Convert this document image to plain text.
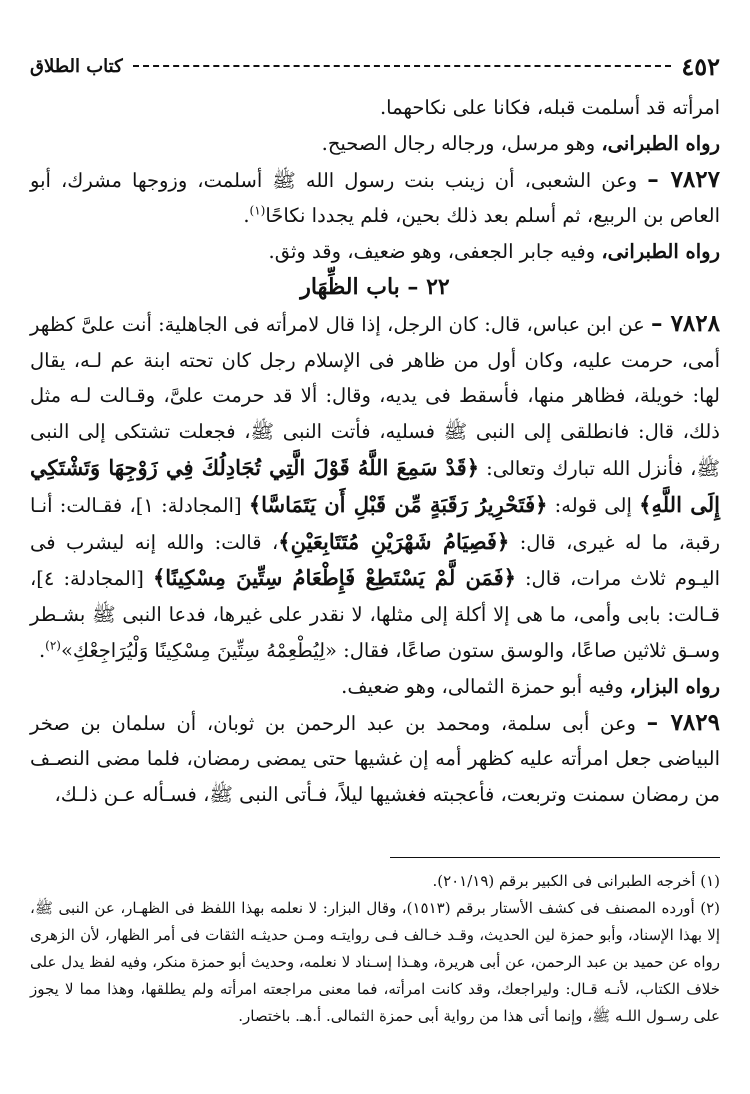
كتاب الطلاق	٤٥٢

امرأته قد أسلمت قبله، فكانا على نكاحهما.

رواه الطبرانى، وهو مرسل، ورجاله رجال الصحيح.

٧٨٢٧ – وعن الشعبى، أن زينب بنت رسول الله ﷺ أسلمت، وزوجها مشرك، أبو العاص بن الربيع، ثم أسلم بعد ذلك بحين، فلم يجددا نكاحًا$^{(١)}$.

رواه الطبرانى، وفيه جابر الجعفى، وهو ضعيف، وقد وثق.

٢٢ – باب الظِّهَار

٧٨٢٨ – عن ابن عباس، قال: كان الرجل، إذا قال لامرأته فى الجاهلية: أنت علىَّ كظهر أمى، حرمت عليه، وكان أول من ظاهر فى الإسلام رجل كان تحته ابنة عم لـه، يقال لها: خويلة، فظاهر منها، فأسقط فى يديه، وقال: ألا قد حرمت علىَّ، وقـالت لـه مثل ذلك، قال: فانطلقى إلى النبى ﷺ فسليه، فأتت النبى ﷺ، فجعلت تشتكى إلى النبى ﷺ، فأنزل الله تبارك وتعالى: ﴿قَدْ سَمِعَ اللَّهُ قَوْلَ الَّتِي تُجَادِلُكَ فِي زَوْجِهَا وَتَشْتَكِي إِلَى اللَّهِ﴾ إلى قوله: ﴿فَتَحْرِيرُ رَقَبَةٍ مِّن قَبْلِ أَن يَتَمَاسَّا﴾ [المجادلة: ١]، فقـالت: أنـا رقبة، ما له غيرى، قال: ﴿فَصِيَامُ شَهْرَيْنِ مُتَتَابِعَيْنِ﴾، قالت: والله إنه ليشرب فى اليـوم ثلاث مرات، قال: ﴿فَمَن لَّمْ يَسْتَطِعْ فَإِطْعَامُ سِتِّينَ مِسْكِينًا﴾ [المجادلة: ٤]، قـالت: بابى وأمى، ما هى إلا أكلة إلى مثلها، لا نقدر على غيرها، فدعا النبى ﷺ بشـطر وسـق ثلاثين صاعًا، والوسق ستون صاعًا، فقال: «لِيُطْعِمْهُ سِتِّينَ مِسْكِينًا وَلْيُرَاجِعْكِ»$^{(٢)}$.

رواه البزار، وفيه أبو حمزة الثمالى، وهو ضعيف.

٧٨٢٩ – وعن أبى سلمة، ومحمد بن عبد الرحمن بن ثوبان، أن سلمان بن صخر البياضى جعل امرأته عليه كظهر أمه إن غشيها حتى يمضى رمضان، فلما مضى النصـف من رمضان سمنت وتربعت، فأعجبته فغشيها ليلاً، فـأتى النبى ﷺ، فسـأله عـن ذلـك،

(١) أخرجه الطبرانى فى الكبير برقم (٢٠١/١٩).

(٢) أورده المصنف فى كشف الأستار برقم (١٥١٣)، وقال البزار: لا نعلمه بهذا اللفظ فى الظهـار، عن النبى ﷺ، إلا بهذا الإسناد، وأبو حمزة لين الحديث، وقـد خـالف فـى روايتـه ومـن حديثـه الثقات فى أمر الظهار، لأن الزهرى رواه عن حميد بن عبد الرحمن، عن أبى هريرة، وهـذا إسـناد لا نعلمه، وحديث أبو حمزة منكر، وفيه لفظ يدل على خلاف الكتاب، لأنـه قـال: وليراجعك، وقد كانت امرأته، فما معنى مراجعته امرأته ولم يطلقها، وهذا مما لا يجوز على رسـول اللـه ﷺ، وإنما أتى هذا من رواية أبى حمزة الثمالى. أ.هـ. باختصار.
